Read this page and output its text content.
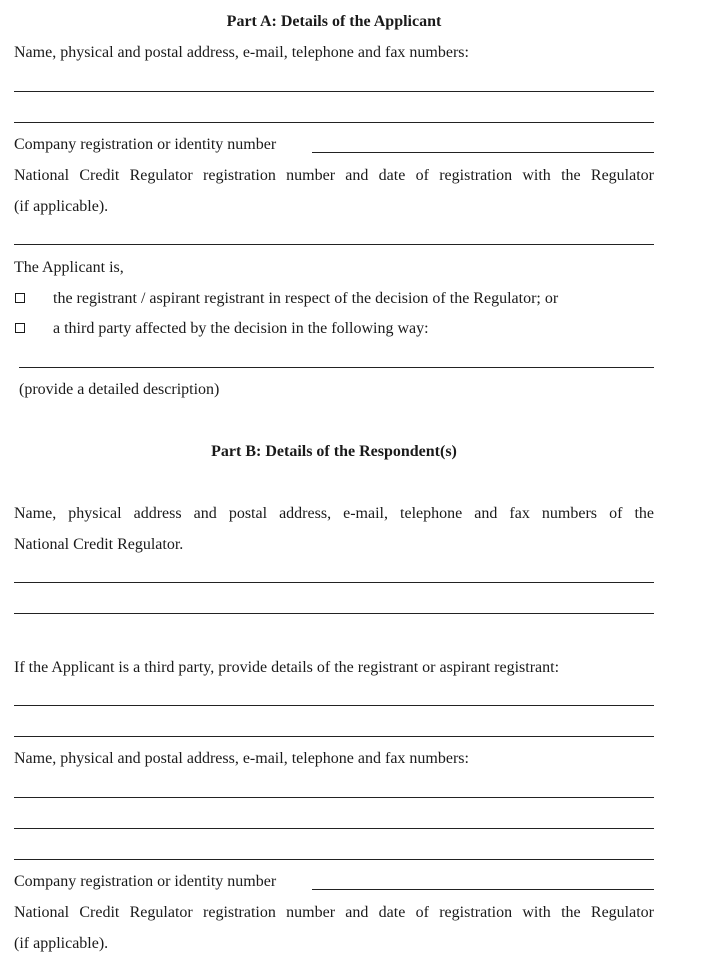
Part A: Details of the Applicant
Name, physical and postal address, e-mail, telephone and fax numbers:
Company registration or identity number
National Credit Regulator registration number and date of registration with the Regulator
(if applicable).
The Applicant is,
the registrant / aspirant registrant in respect of the decision of the Regulator; or
a third party affected by the decision in the following way:
(provide a detailed description)
Part B: Details of the Respondent(s)
Name, physical address and postal address, e-mail, telephone and fax numbers of the
National Credit Regulator.
If the Applicant is a third party, provide details of the registrant or aspirant registrant:
Name, physical and postal address, e-mail, telephone and fax numbers:
Company registration or identity number
National Credit Regulator registration number and date of registration with the Regulator
(if applicable).
